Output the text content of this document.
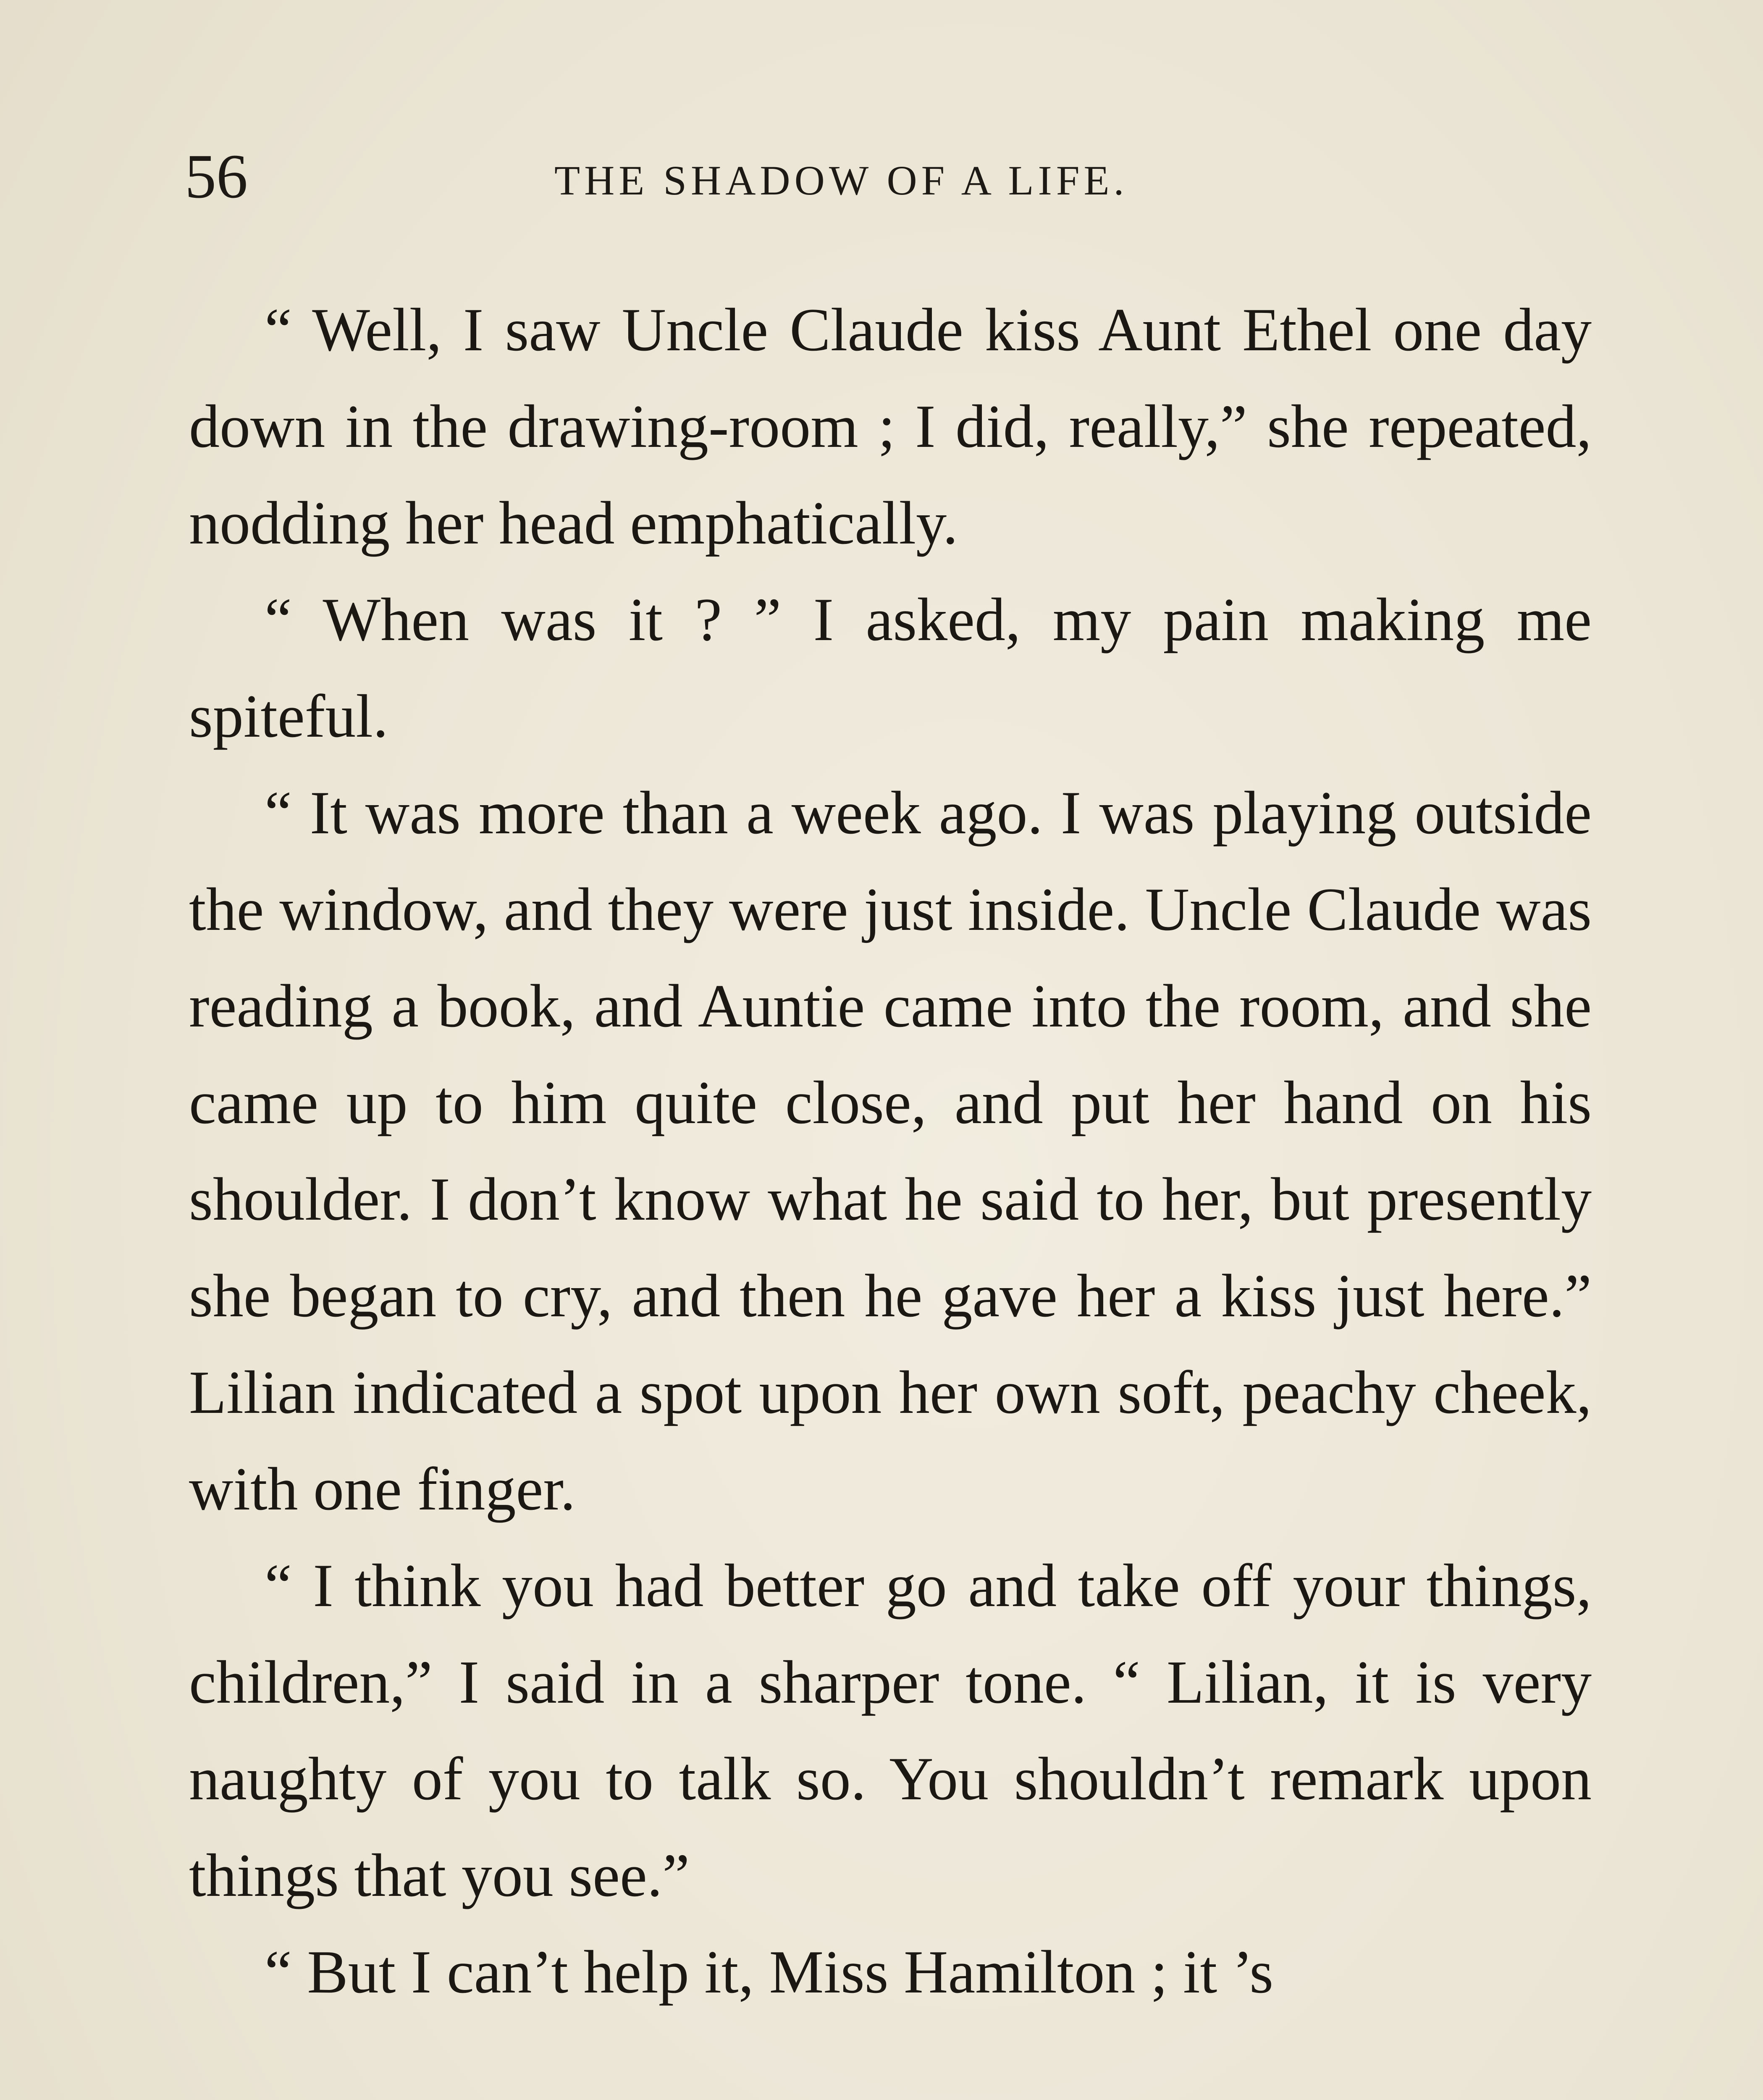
56	THE SHADOW OF A LIFE.

“ Well, I saw Uncle Claude kiss Aunt Ethel one day down in the drawing-room ; I did, really,” she repeated, nodding her head emphatically.

“ When was it ? ” I asked, my pain making me spiteful.

“ It was more than a week ago. I was playing outside the window, and they were just inside. Uncle Claude was reading a book, and Auntie came into the room, and she came up to him quite close, and put her hand on his shoulder. I don’t know what he said to her, but presently she began to cry, and then he gave her a kiss just here.” Lilian indicated a spot upon her own soft, peachy cheek, with one finger.

“ I think you had better go and take off your things, children,” I said in a sharper tone. “ Lilian, it is very naughty of you to talk so. You shouldn’t remark upon things that you see.”

“ But I can’t help it, Miss Hamilton ; it ’s
